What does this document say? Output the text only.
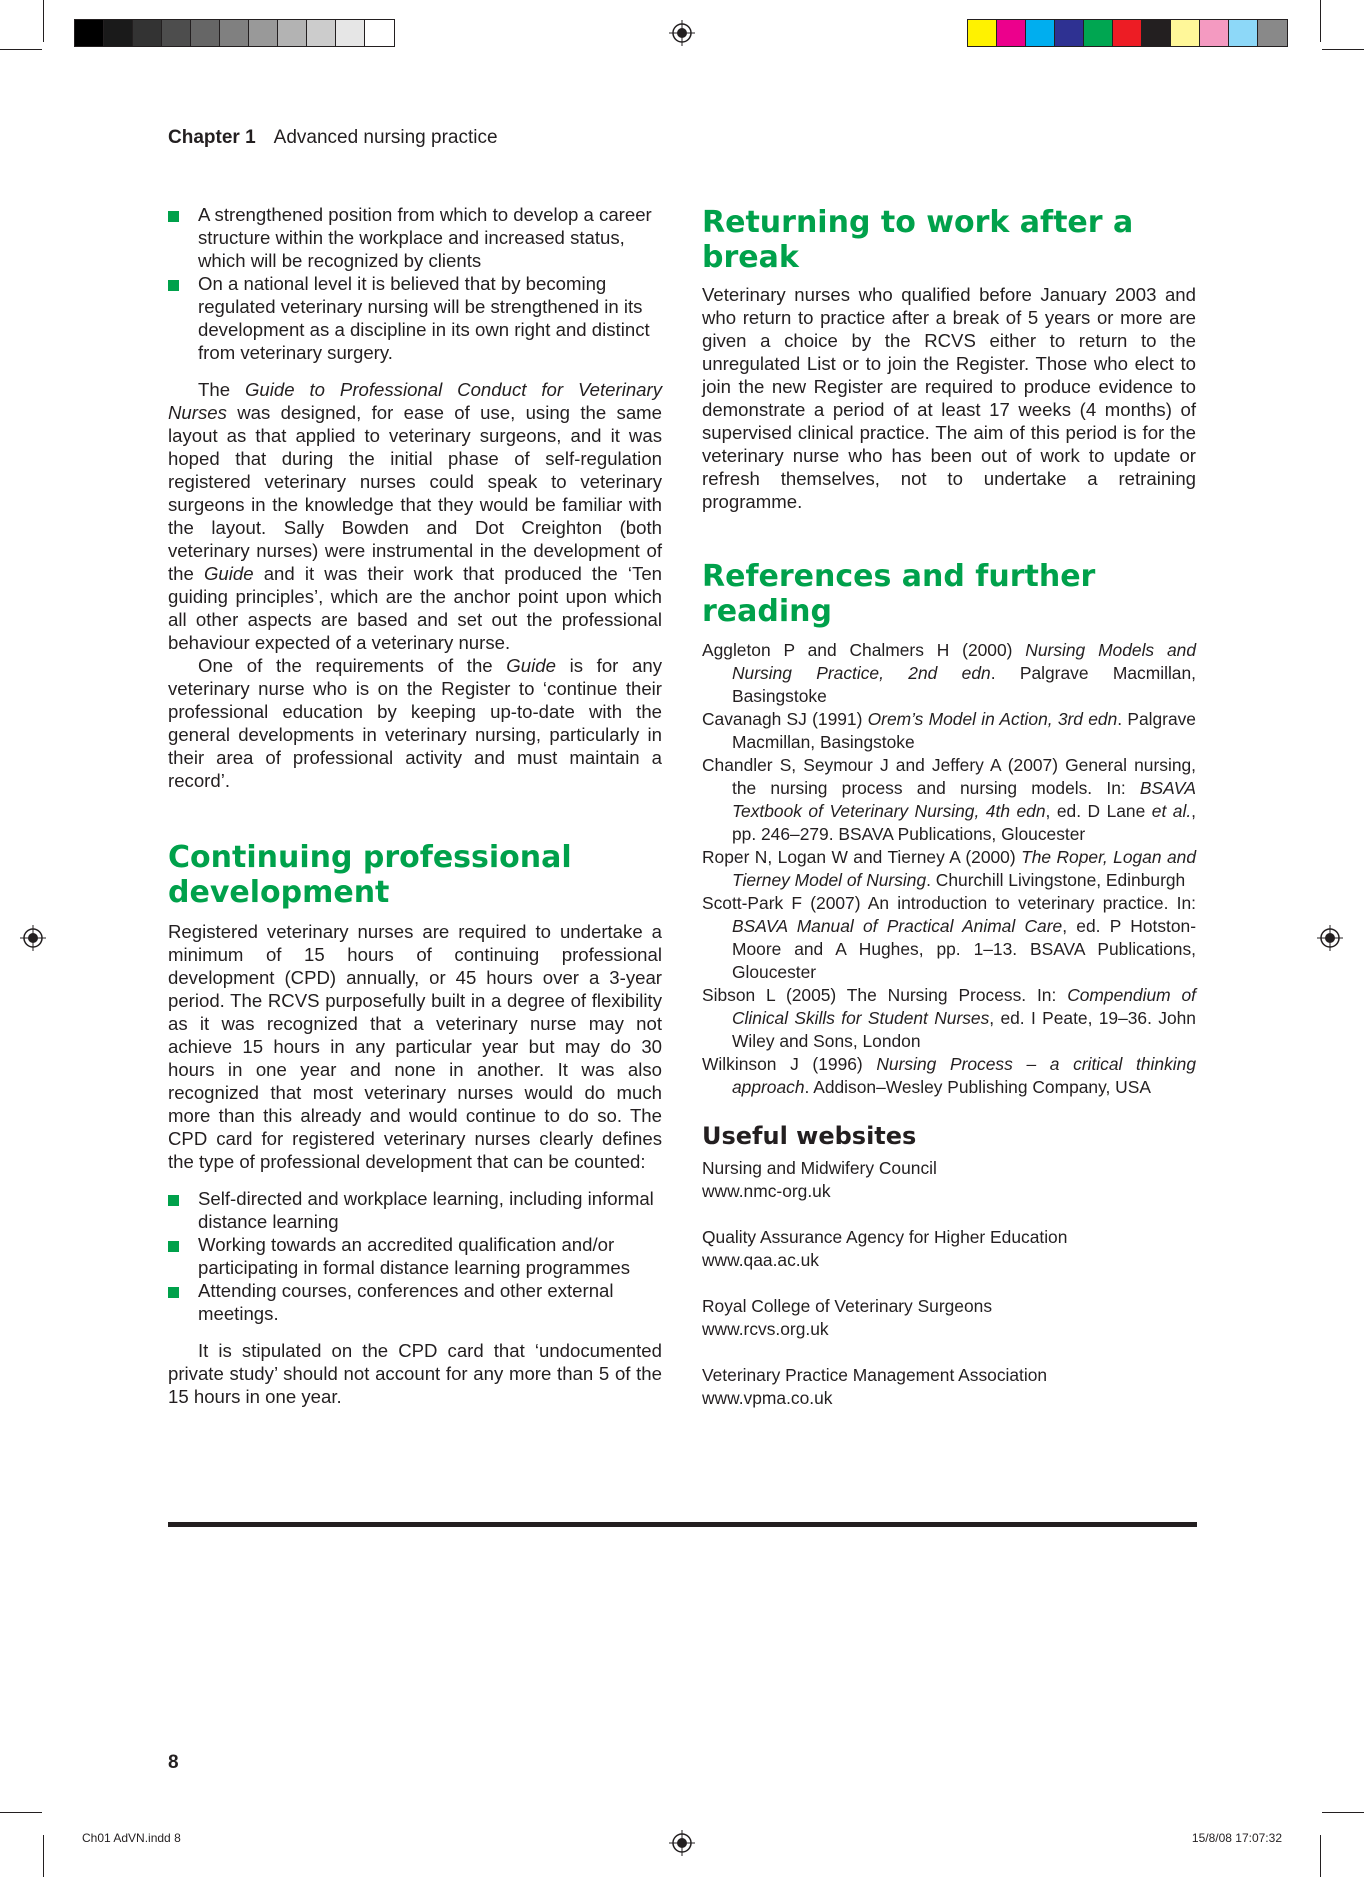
Chapter 1 Advanced nursing practice
A strengthened position from which to develop a career structure within the workplace and increased status, which will be recognized by clients
On a national level it is believed that by becoming regulated veterinary nursing will be strengthened in its development as a discipline in its own right and distinct from veterinary surgery.

The Guide to Professional Conduct for Veterinary Nurses was designed, for ease of use, using the same layout as that applied to veterinary surgeons, and it was hoped that during the initial phase of self-regulation registered veterinary nurses could speak to veterinary surgeons in the knowledge that they would be familiar with the layout. Sally Bowden and Dot Creighton (both veterinary nurses) were instrumental in the development of the Guide and it was their work that produced the ‘Ten guiding principles’, which are the anchor point upon which all other aspects are based and set out the professional behaviour expected of a veterinary nurse.

One of the requirements of the Guide is for any veterinary nurse who is on the Register to ‘continue their professional education by keeping up-to-date with the general developments in veterinary nursing, particularly in their area of professional activity and must maintain a record’.

Continuing professional development

Registered veterinary nurses are required to undertake a minimum of 15 hours of continuing professional development (CPD) annually, or 45 hours over a 3-year period. The RCVS purposefully built in a degree of flexibility as it was recognized that a veterinary nurse may not achieve 15 hours in any particular year but may do 30 hours in one year and none in another. It was also recognized that most veterinary nurses would do much more than this already and would continue to do so. The CPD card for registered veterinary nurses clearly defines the type of professional development that can be counted:

Self-directed and workplace learning, including informal distance learning
Working towards an accredited qualification and/or participating in formal distance learning programmes
Attending courses, conferences and other external meetings.

It is stipulated on the CPD card that ‘undocumented private study’ should not account for any more than 5 of the 15 hours in one year.

Returning to work after a break

Veterinary nurses who qualified before January 2003 and who return to practice after a break of 5 years or more are given a choice by the RCVS either to return to the unregulated List or to join the Register. Those who elect to join the new Register are required to produce evidence to demonstrate a period of at least 17 weeks (4 months) of supervised clinical practice. The aim of this period is for the veterinary nurse who has been out of work to update or refresh themselves, not to undertake a retraining programme.

References and further reading

Aggleton P and Chalmers H (2000) Nursing Models and Nursing Practice, 2nd edn. Palgrave Macmillan, Basingstoke

Cavanagh SJ (1991) Orem’s Model in Action, 3rd edn. Palgrave Macmillan, Basingstoke

Chandler S, Seymour J and Jeffery A (2007) General nursing, the nursing process and nursing models. In: BSAVA Textbook of Veterinary Nursing, 4th edn, ed. D Lane et al., pp. 246–279. BSAVA Publications, Gloucester

Roper N, Logan W and Tierney A (2000) The Roper, Logan and Tierney Model of Nursing. Churchill Livingstone, Edinburgh

Scott-Park F (2007) An introduction to veterinary practice. In: BSAVA Manual of Practical Animal Care, ed. P Hotston-Moore and A Hughes, pp. 1–13. BSAVA Publications, Gloucester

Sibson L (2005) The Nursing Process. In: Compendium of Clinical Skills for Student Nurses, ed. I Peate, 19–36. John Wiley and Sons, London

Wilkinson J (1996) Nursing Process – a critical thinking approach. Addison–Wesley Publishing Company, USA

Useful websites
Nursing and Midwifery Council
www.nmc-org.uk
Quality Assurance Agency for Higher Education
www.qaa.ac.uk
Royal College of Veterinary Surgeons
www.rcvs.org.uk
Veterinary Practice Management Association
www.vpma.co.uk
8
Ch01 AdVN.indd 8	15/8/08 17:07:32
